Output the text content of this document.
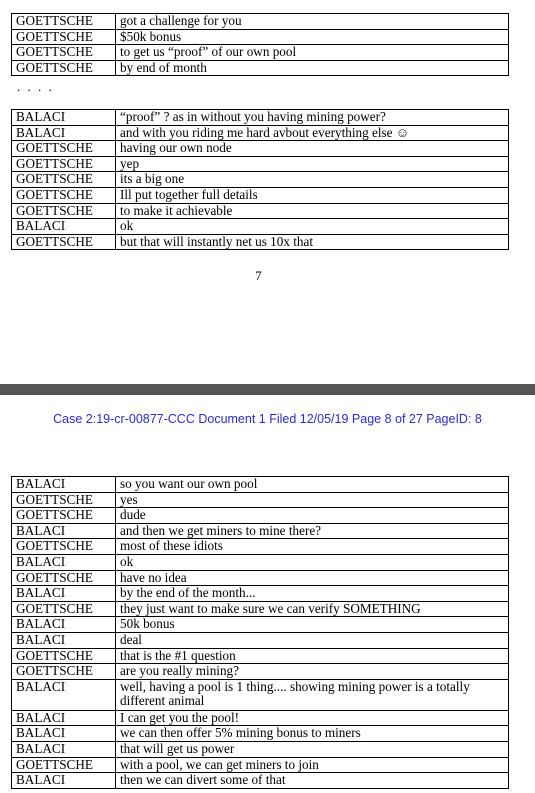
GOETTSCHE	got a challenge for you
GOETTSCHE	$50k bonus
GOETTSCHE	to get us “proof” of our own pool
GOETTSCHE	by end of month
. . . .
BALACI	“proof” ? as in without you having mining power?
BALACI	and with you riding me hard avbout everything else ☺
GOETTSCHE	having our own node
GOETTSCHE	yep
GOETTSCHE	its a big one
GOETTSCHE	Ill put together full details
GOETTSCHE	to make it achievable
BALACI	ok
GOETTSCHE	but that will instantly net us 10x that
7
Case 2:19-cr-00877-CCC Document 1 Filed 12/05/19 Page 8 of 27 PageID: 8
BALACI	so you want our own pool
GOETTSCHE	yes
GOETTSCHE	dude
BALACI	and then we get miners to mine there?
GOETTSCHE	most of these idiots
BALACI	ok
GOETTSCHE	have no idea
BALACI	by the end of the month...
GOETTSCHE	they just want to make sure we can verify SOMETHING
BALACI	50k bonus
BALACI	deal
GOETTSCHE	that is the #1 question
GOETTSCHE	are you really mining?
BALACI	well, having a pool is 1 thing.... showing mining power is a totally different animal
BALACI	I can get you the pool!
BALACI	we can then offer 5% mining bonus to miners
BALACI	that will get us power
GOETTSCHE	with a pool, we can get miners to join
BALACI	then we can divert some of that
